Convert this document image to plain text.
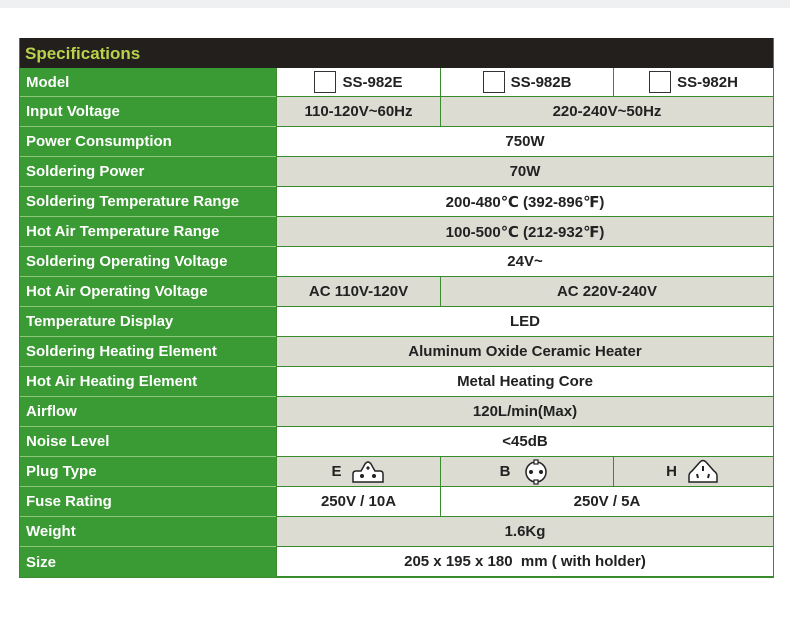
Specifications
Model	SS-982E	SS-982B	SS-982H
Input Voltage	110-120V~60Hz	220-240V~50Hz
Power Consumption	750W
Soldering Power	70W
Soldering Temperature Range	200-480℃ (392-896℉)
Hot Air Temperature Range	100-500℃ (212-932℉)
Soldering Operating Voltage	24V~
Hot Air Operating Voltage	AC 110V-120V	AC 220V-240V
Temperature Display	LED
Soldering Heating Element	Aluminum Oxide Ceramic Heater
Hot Air Heating Element	Metal Heating Core
Airflow	120L/min(Max)
Noise Level	<45dB
Plug Type	E	B	H
Fuse Rating	250V / 10A	250V / 5A
Weight	1.6Kg
Size	205 x 195 x 180  mm ( with holder)
